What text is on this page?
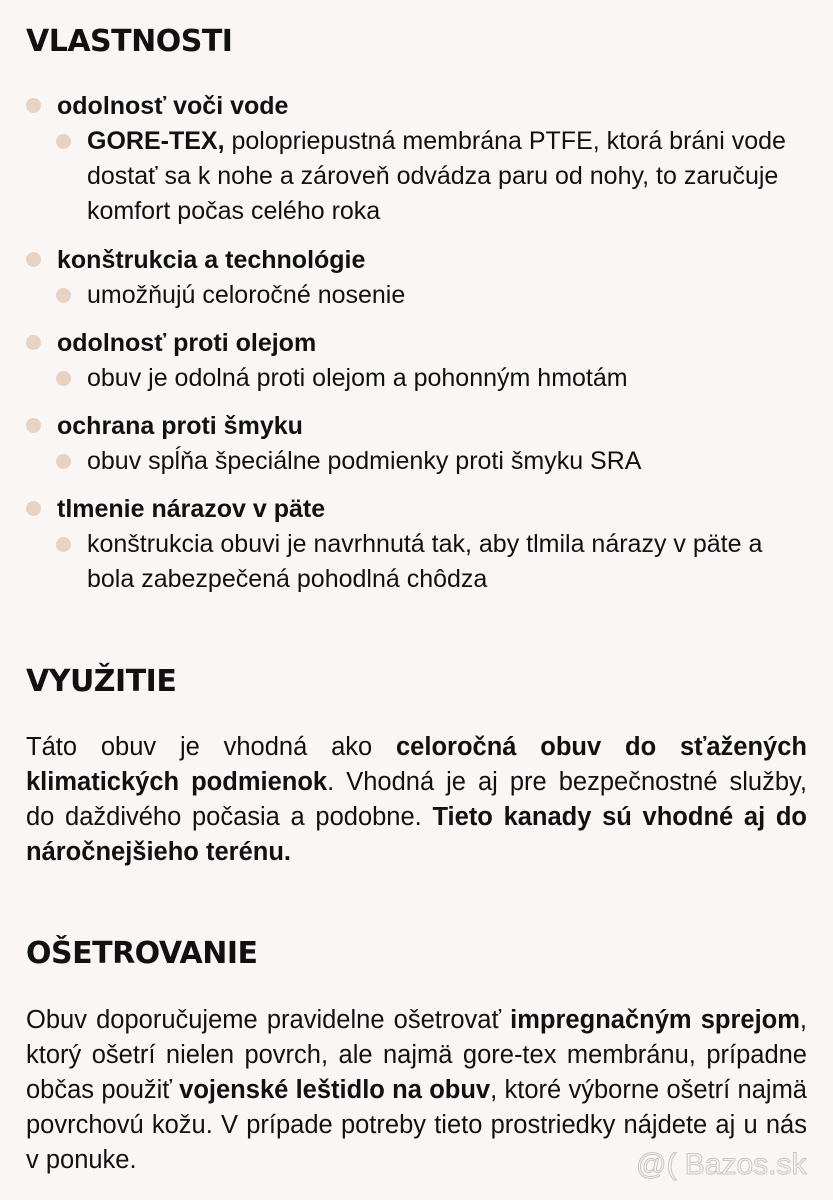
VLASTNOSTI
odolnosť voči vode
GORE-TEX, polopriepustná membrána PTFE, ktorá bráni vode dostať sa k nohe a zároveň odvádza paru od nohy, to zaručuje komfort počas celého roka
konštrukcia a technológie
umožňujú celoročné nosenie
odolnosť proti olejom
obuv je odolná proti olejom a pohonným hmotám
ochrana proti šmyku
obuv spĺňa špeciálne podmienky proti šmyku SRA
tlmenie nárazov v päte
konštrukcia obuvi je navrhnutá tak, aby tlmila nárazy v päte a bola zabezpečená pohodlná chôdza
VYUŽITIE

Táto obuv je vhodná ako celoročná obuv do sťažených klimatických podmienok. Vhodná je aj pre bezpečnostné služby, do daždivého počasia a podobne. Tieto kanady sú vhodné aj do náročnejšieho terénu.

OŠETROVANIE

Obuv doporučujeme pravidelne ošetrovať impregnačným sprejom, ktorý ošetrí nielen povrch, ale najmä gore-tex membránu, prípadne občas použiť vojenské leštidlo na obuv, ktoré výborne ošetrí najmä povrchovú kožu. V prípade potreby tieto prostriedky nájdete aj u nás v ponuke.	@( Bazos.sk
